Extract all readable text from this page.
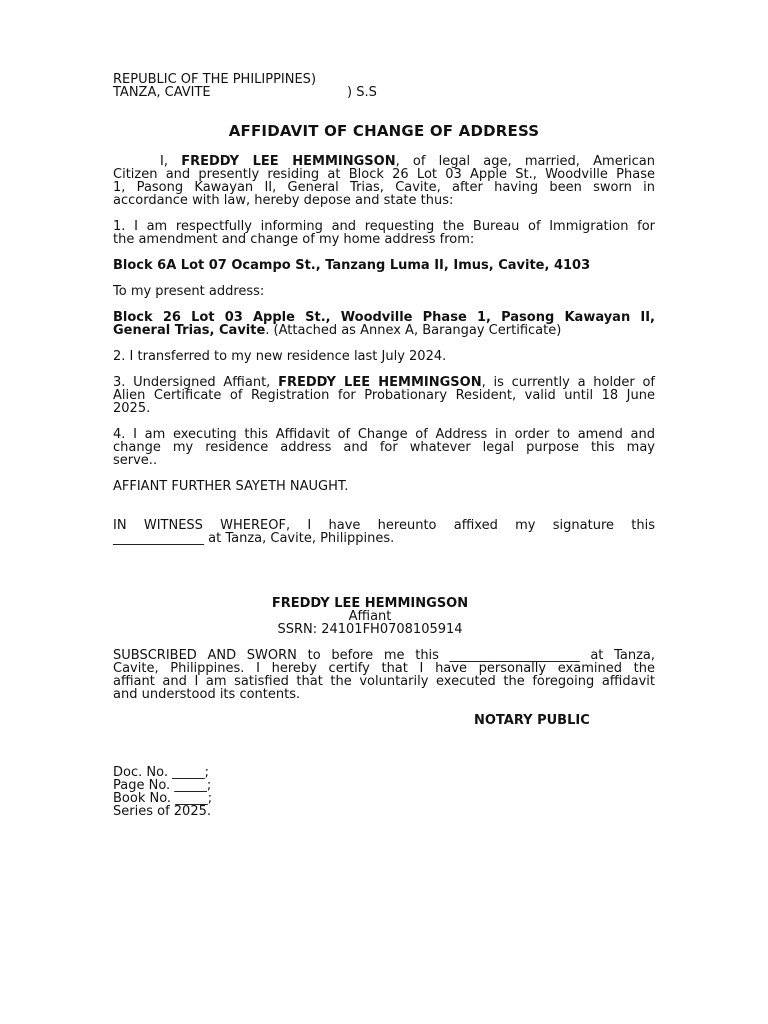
REPUBLIC OF THE PHILIPPINES)
TANZA, CAVITE	) S.S
AFFIDAVIT OF CHANGE OF ADDRESS
I, FREDDY LEE HEMMINGSON, of legal age, married, American
Citizen and presently residing at Block 26 Lot 03 Apple St., Woodville Phase
1, Pasong Kawayan II, General Trias, Cavite, after having been sworn in
accordance with law, hereby depose and state thus:
1. I am respectfully informing and requesting the Bureau of Immigration for
the amendment and change of my home address from:
Block 6A Lot 07 Ocampo St., Tanzang Luma II, Imus, Cavite, 4103
To my present address:
Block 26 Lot 03 Apple St., Woodville Phase 1, Pasong Kawayan II,
General Trias, Cavite. (Attached as Annex A, Barangay Certificate)
2. I transferred to my new residence last July 2024.
3. Undersigned Affiant, FREDDY LEE HEMMINGSON, is currently a holder of
Alien Certificate of Registration for Probationary Resident, valid until 18 June
2025.
4. I am executing this Affidavit of Change of Address in order to amend and
change my residence address and for whatever legal purpose this may
serve..
AFFIANT FURTHER SAYETH NAUGHT.
IN WITNESS WHEREOF, I have hereunto affixed my signature this
______________ at Tanza, Cavite, Philippines.
FREDDY LEE HEMMINGSON
Affiant
SSRN: 24101FH0708105914
SUBSCRIBED AND SWORN to before me this ____________________ at Tanza,
Cavite, Philippines. I hereby certify that I have personally examined the
affiant and I am satisfied that the voluntarily executed the foregoing affidavit
and understood its contents.
NOTARY PUBLIC
Doc. No. _____;
Page No. _____;
Book No. _____;
Series of 2025.
